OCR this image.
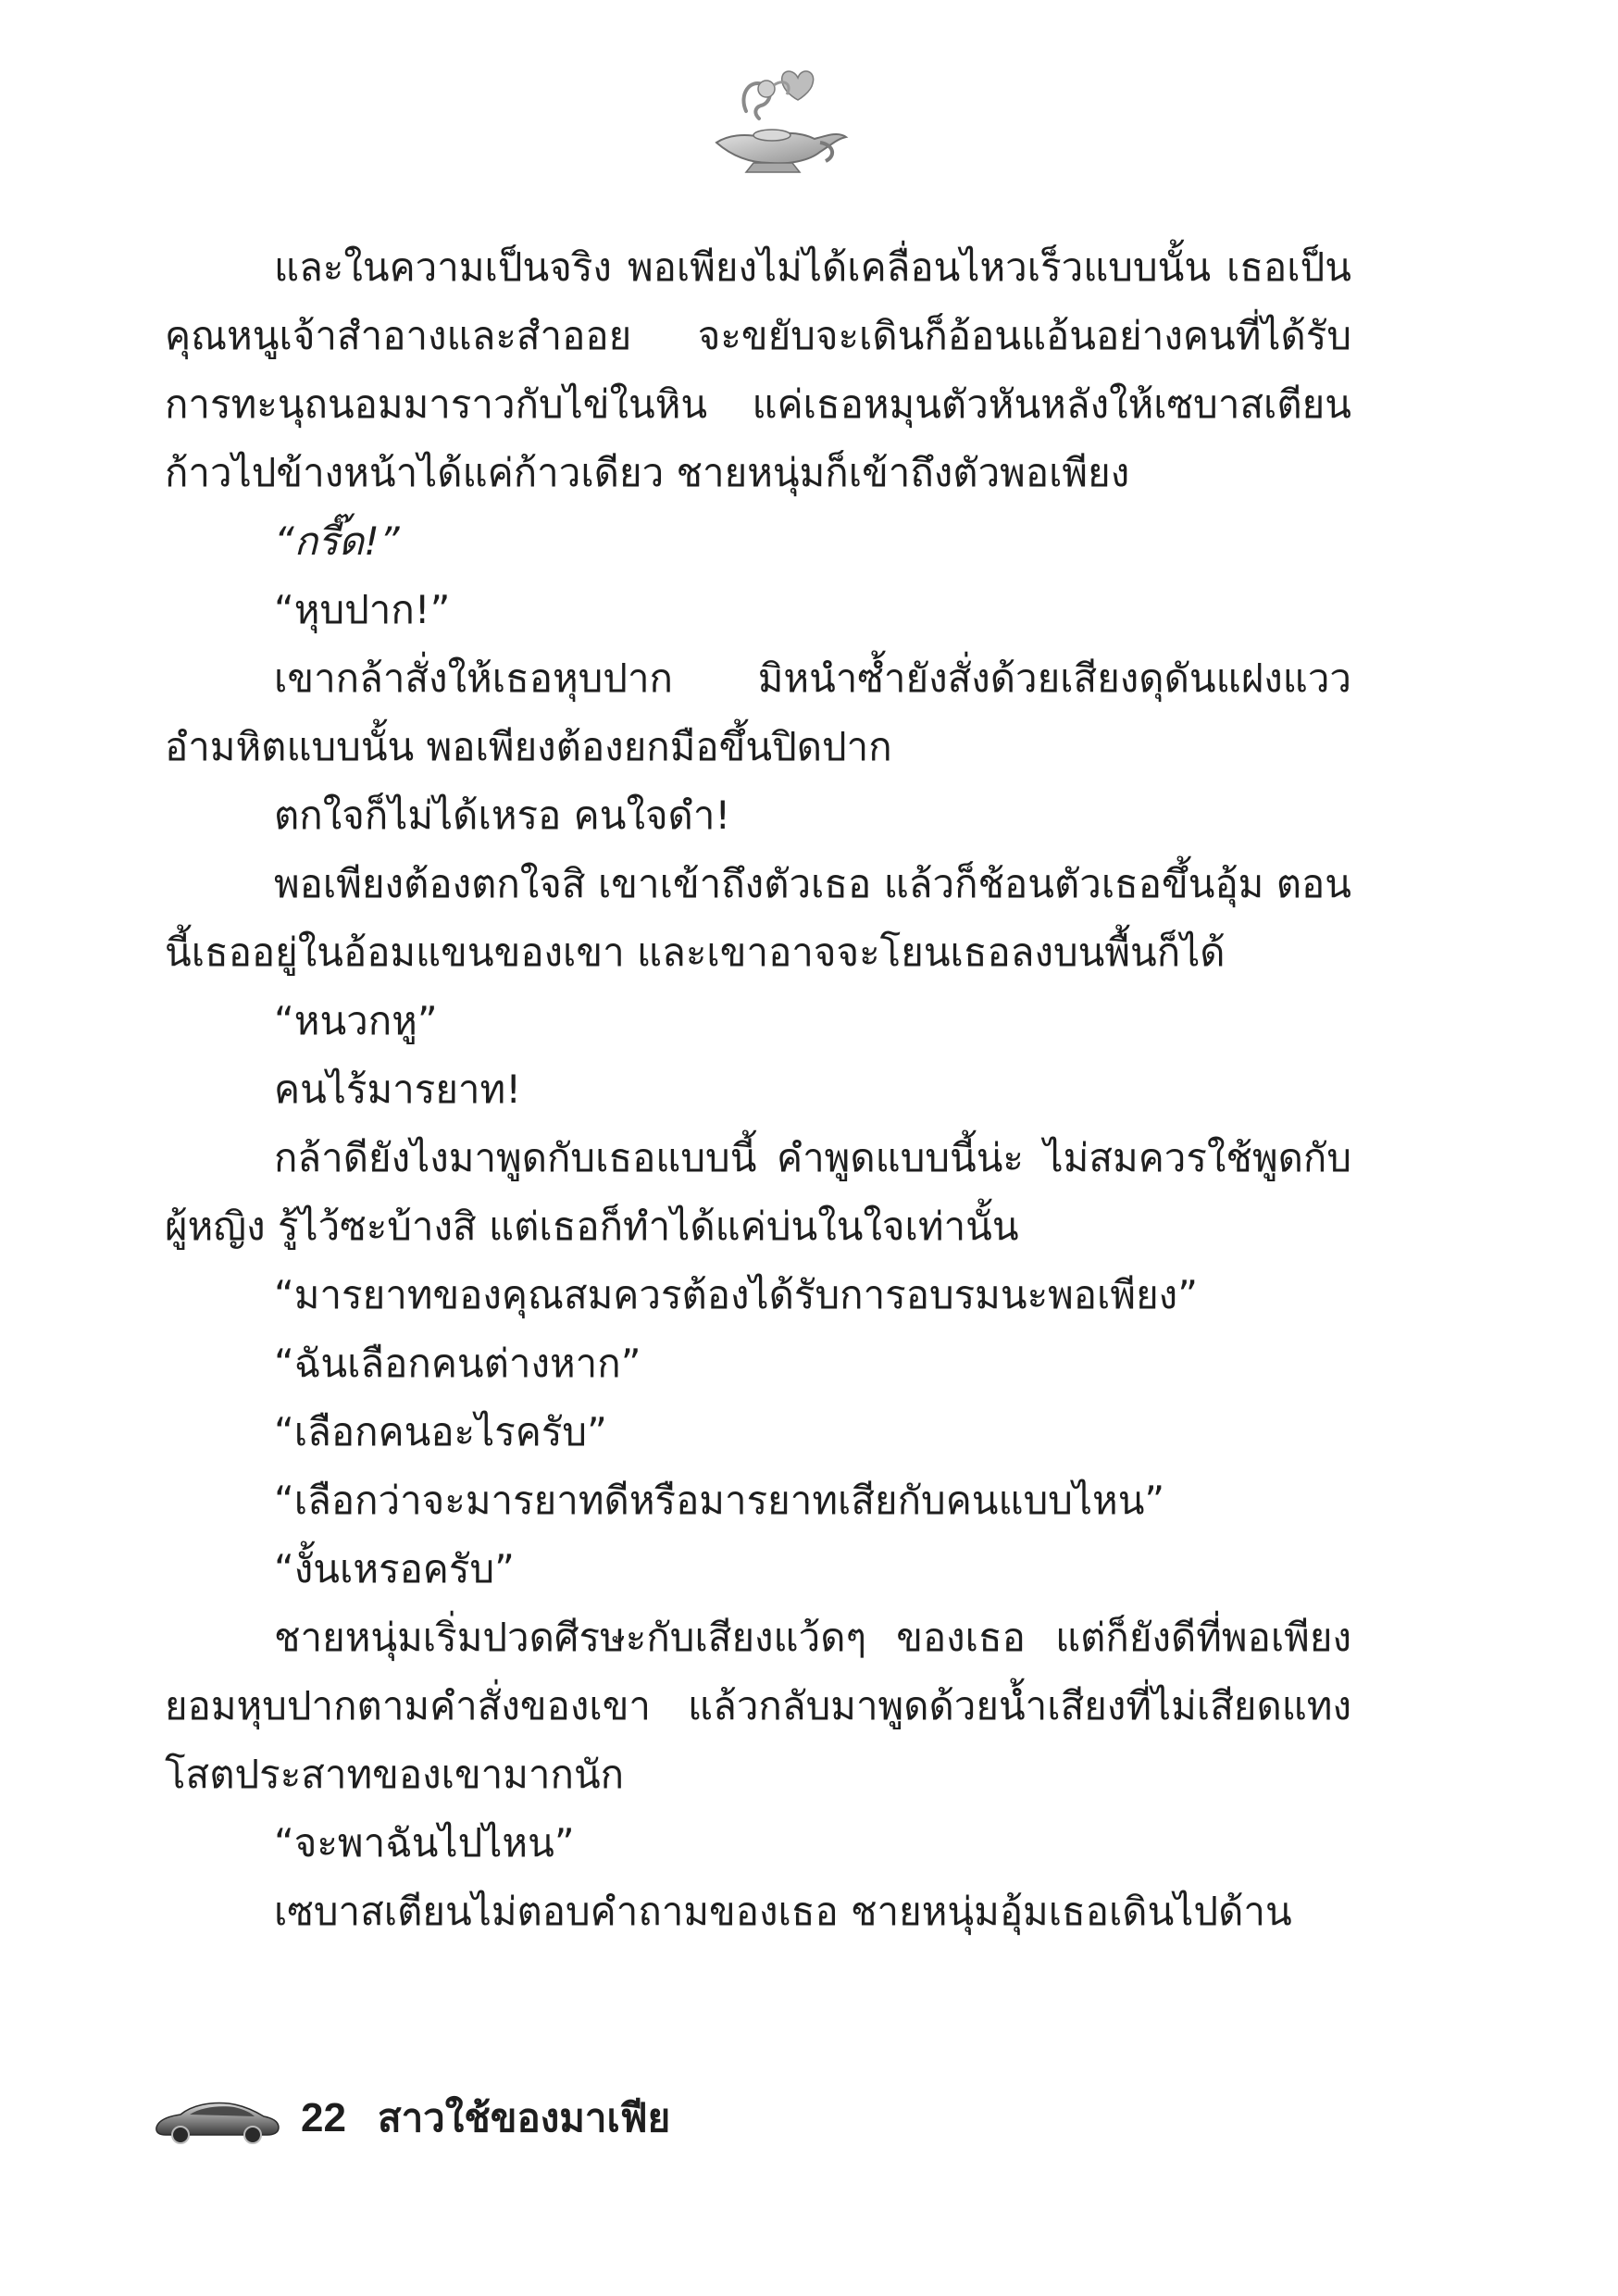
และในความเป็นจริง พอเพียงไม่ได้เคลื่อนไหวเร็วแบบนั้น เธอเป็นคุณหนูเจ้าสำอางและสำออย จะขยับจะเดินก็อ้อนแอ้นอย่างคนที่ได้รับการทะนุถนอมมาราวกับไข่ในหิน แค่เธอหมุนตัวหันหลังให้เซบาสเตียน ก้าวไปข้างหน้าได้แค่ก้าวเดียว ชายหนุ่มก็เข้าถึงตัวพอเพียง

“กรี๊ด!”

“หุบปาก!”

เขากล้าสั่งให้เธอหุบปาก มิหนำซ้ำยังสั่งด้วยเสียงดุดันแฝงแววอำมหิตแบบนั้น พอเพียงต้องยกมือขึ้นปิดปาก

ตกใจก็ไม่ได้เหรอ คนใจดำ!

พอเพียงต้องตกใจสิ เขาเข้าถึงตัวเธอ แล้วก็ช้อนตัวเธอขึ้นอุ้ม ตอนนี้เธออยู่ในอ้อมแขนของเขา และเขาอาจจะโยนเธอลงบนพื้นก็ได้

“หนวกหู”

คนไร้มารยาท!

กล้าดียังไงมาพูดกับเธอแบบนี้ คำพูดแบบนี้น่ะ ไม่สมควรใช้พูดกับผู้หญิง รู้ไว้ซะบ้างสิ แต่เธอก็ทำได้แค่บ่นในใจเท่านั้น

“มารยาทของคุณสมควรต้องได้รับการอบรมนะพอเพียง”

“ฉันเลือกคนต่างหาก”

“เลือกคนอะไรครับ”

“เลือกว่าจะมารยาทดีหรือมารยาทเสียกับคนแบบไหน”

“งั้นเหรอครับ”

ชายหนุ่มเริ่มปวดศีรษะกับเสียงแว้ดๆ ของเธอ แต่ก็ยังดีที่พอเพียงยอมหุบปากตามคำสั่งของเขา แล้วกลับมาพูดด้วยน้ำเสียงที่ไม่เสียดแทงโสตประสาทของเขามากนัก

“จะพาฉันไปไหน”

เซบาสเตียนไม่ตอบคำถามของเธอ ชายหนุ่มอุ้มเธอเดินไปด้าน

22 สาวใช้ของมาเฟีย
